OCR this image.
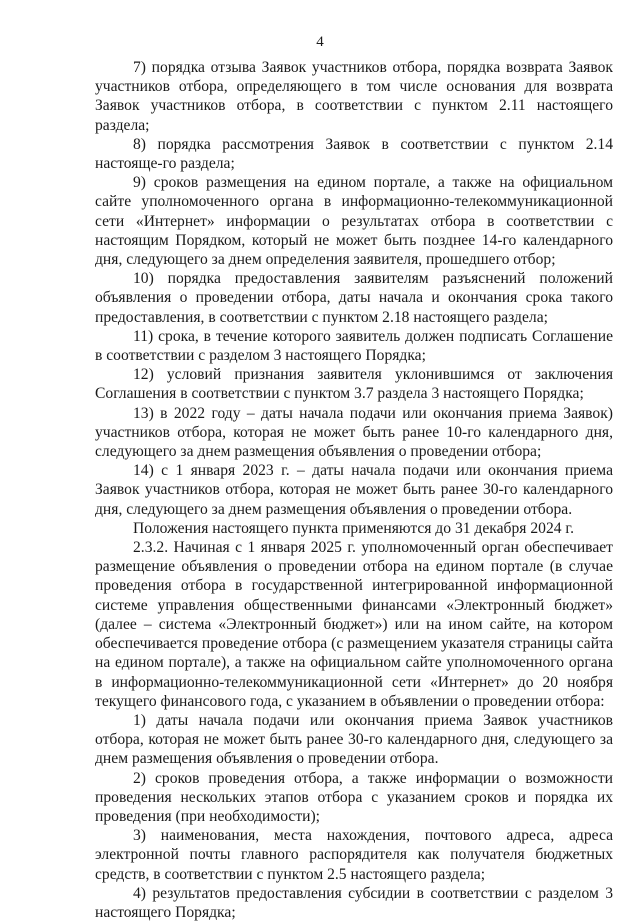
4

7) порядка отзыва Заявок участников отбора, порядка возврата Заявок участников отбора, определяющего в том числе основания для возврата Заявок участников отбора, в соответствии с пунктом 2.11 настоящего раздела;

8) порядка рассмотрения Заявок в соответствии с пунктом 2.14 настояще-го раздела;

9) сроков размещения на едином портале, а также на официальном сайте уполномоченного органа в информационно-телекоммуникационной сети «Интернет» информации о результатах отбора в соответствии с настоящим Порядком, который не может быть позднее 14-го календарного дня, следующего за днем определения заявителя, прошедшего отбор;

10) порядка предоставления заявителям разъяснений положений объявления о проведении отбора, даты начала и окончания срока такого предоставления, в соответствии с пунктом 2.18 настоящего раздела;

11) срока, в течение которого заявитель должен подписать Соглашение в соответствии с разделом 3 настоящего Порядка;

12) условий признания заявителя уклонившимся от заключения Соглашения в соответствии с пунктом 3.7 раздела 3 настоящего Порядка;

13) в 2022 году – даты начала подачи или окончания приема Заявок) участников отбора, которая не может быть ранее 10-го календарного дня, следующего за днем размещения объявления о проведении отбора;

14) с 1 января 2023 г. – даты начала подачи или окончания приема Заявок участников отбора, которая не может быть ранее 30-го календарного дня, следующего за днем размещения объявления о проведении отбора.

Положения настоящего пункта применяются до 31 декабря 2024 г.

2.3.2. Начиная с 1 января 2025 г. уполномоченный орган обеспечивает размещение объявления о проведении отбора на едином портале (в случае проведения отбора в государственной интегрированной информационной системе управления общественными финансами «Электронный бюджет» (далее – система «Электронный бюджет») или на ином сайте, на котором обеспечивается проведение отбора (с размещением указателя страницы сайта на едином портале), а также на официальном сайте уполномоченного органа в информационно-телекоммуникационной сети «Интернет» до 20 ноября текущего финансового года, с указанием в объявлении о проведении отбора:

1) даты начала подачи или окончания приема Заявок участников отбора, которая не может быть ранее 30-го календарного дня, следующего за днем размещения объявления о проведении отбора.

2) сроков проведения отбора, а также информации о возможности проведения нескольких этапов отбора с указанием сроков и порядка их проведения (при необходимости);

3) наименования, места нахождения, почтового адреса, адреса электронной почты главного распорядителя как получателя бюджетных средств, в соответствии с пунктом 2.5 настоящего раздела;

4) результатов предоставления субсидии в соответствии с разделом 3 настоящего Порядка;
